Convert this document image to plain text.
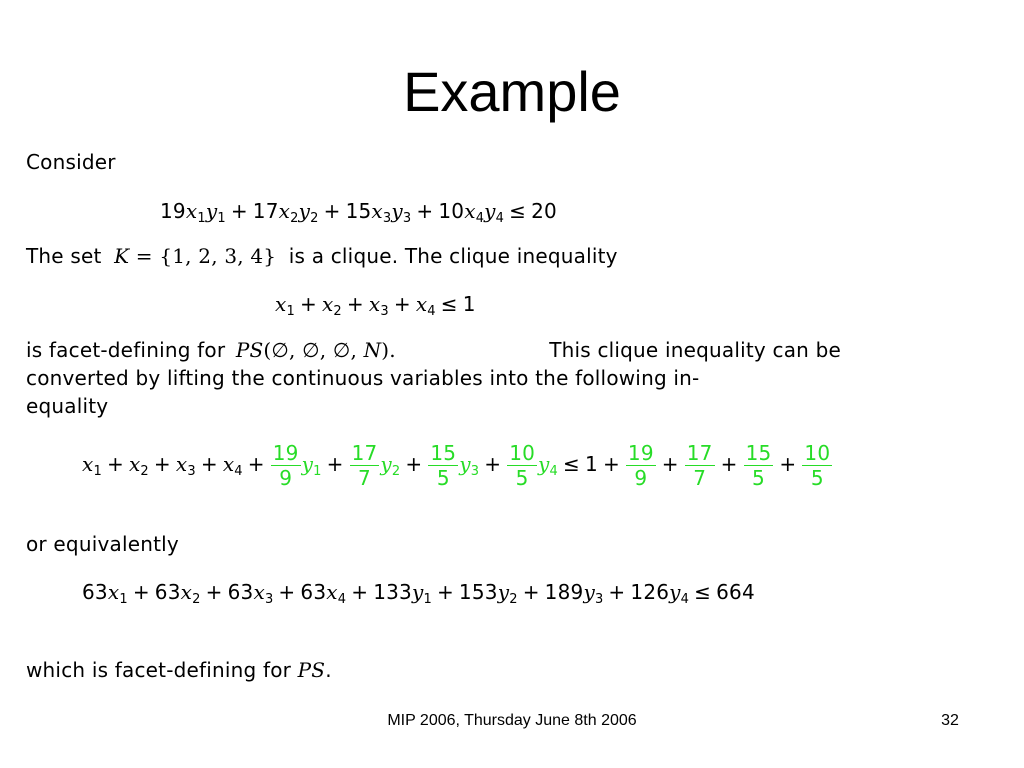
Example
Consider
$19x_1y_1 + 17x_2y_2 + 15x_3y_3 + 10x_4y_4 \le 20$
The set K = {1, 2, 3, 4} is a clique. The clique inequality
$x_1 + x_2 + x_3 + x_4 \le 1$
is facet-defining for PS(∅, ∅, ∅, N).	This clique inequality can be
converted by lifting the continuous variables into the following in-
equality
$x_1 + x_2 + x_3 + x_4 + \frac{19}{9} y_1 + \frac{17}{7} y_2 + \frac{15}{5} y_3 + \frac{10}{5} y_4 \le 1 + \frac{19}{9} + \frac{17}{7} + \frac{15}{5} + \frac{10}{5}$
or equivalently
$63x_1 + 63x_2 + 63x_3 + 63x_4 + 133y_1 + 153y_2 + 189y_3 + 126y_4 \le 664$
which is facet-defining for PS.
MIP 2006, Thursday June 8th 2006	32
